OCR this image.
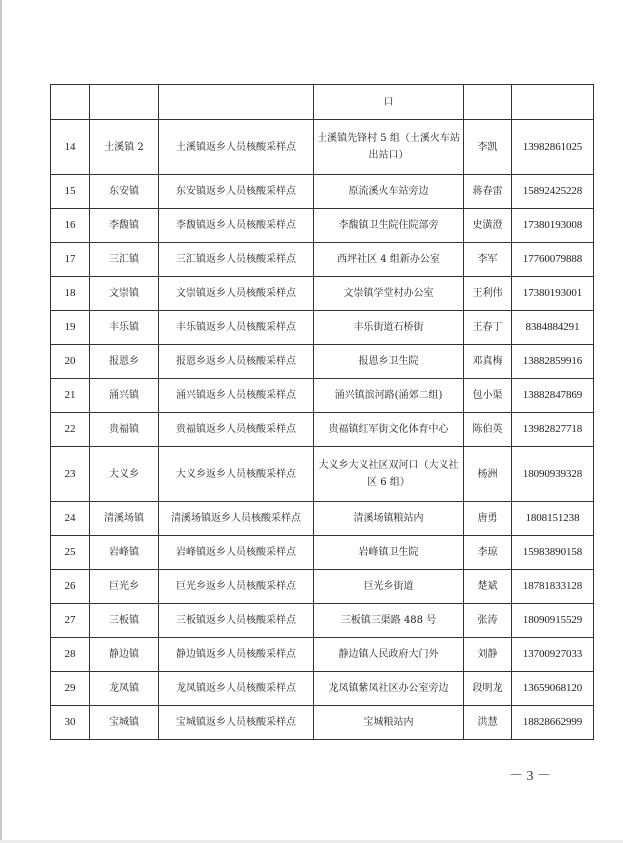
			口		
14	土溪镇 2	土溪镇返乡人员核酸采样点	土溪镇先锋村 5 组（土溪火车站出站口）	李凯	13982861025
15	东安镇	东安镇返乡人员核酸采样点	原流溪火车站旁边	蒋春雷	15892425228
16	李馥镇	李馥镇返乡人员核酸采样点	李馥镇卫生院住院部旁	史潢澄	17380193008
17	三汇镇	三汇镇返乡人员核酸采样点	西坪社区 4 组新办公室	李军	17760079888
18	文崇镇	文崇镇返乡人员核酸采样点	文崇镇学堂村办公室	王利伟	17380193001
19	丰乐镇	丰乐镇返乡人员核酸采样点	丰乐街道石桥街	王春丁	8384884291
20	报恩乡	报恩乡返乡人员核酸采样点	报恩乡卫生院	邓真梅	13882859916
21	涌兴镇	涌兴镇返乡人员核酸采样点	涌兴镇滨河路(涌郊二组)	包小渠	13882847869
22	贵福镇	贵福镇返乡人员核酸采样点	贵福镇红军街文化体育中心	陈伯英	13982827718
23	大义乡	大义乡返乡人员核酸采样点	大义乡大义社区双河口（大义社区 6 组）	杨洲	18090939328
24	清溪场镇	清溪场镇返乡人员核酸采样点	清溪场镇粮站内	唐勇	1808151238
25	岩峰镇	岩峰镇返乡人员核酸采样点	岩峰镇卫生院	李琼	15983890158
26	巨光乡	巨光乡返乡人员核酸采样点	巨光乡街道	楚斌	18781833128
27	三板镇	三板镇返乡人员核酸采样点	三板镇三渠路 488 号	张涛	18090915529
28	静边镇	静边镇返乡人员核酸采样点	静边镇人民政府大门外	刘静	13700927033
29	龙凤镇	龙凤镇返乡人员核酸采样点	龙凤镇紫凤社区办公室旁边	段明龙	13659068120
30	宝城镇	宝城镇返乡人员核酸采样点	宝城粮站内	洪慧	18828662999
－ 3 －
